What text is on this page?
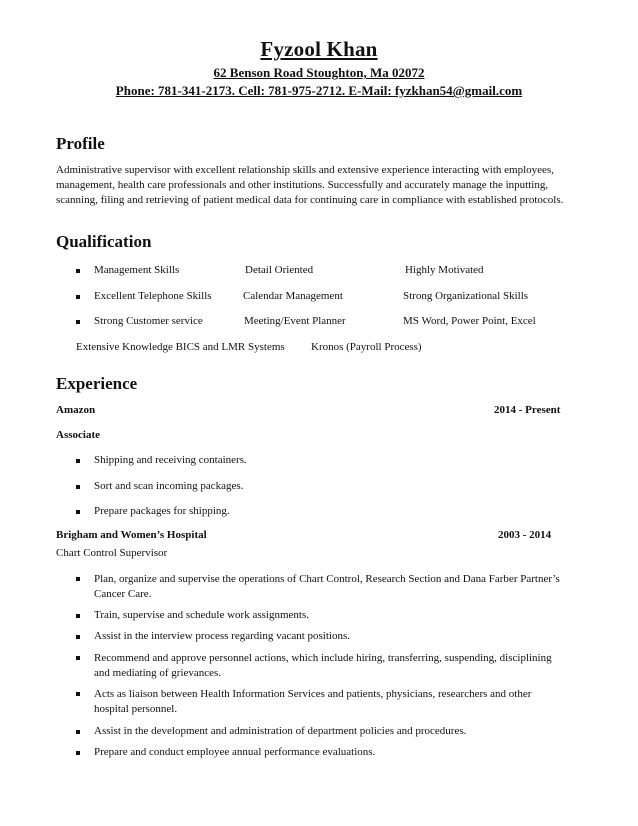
Fyzool Khan
62 Benson Road Stoughton, Ma 02072
Phone: 781-341-2173. Cell: 781-975-2712. E-Mail: fyzkhan54@gmail.com
Profile
Administrative supervisor with excellent relationship skills and extensive experience interacting with employees, management, health care professionals and other institutions. Successfully and accurately manage the inputting, scanning, filing and retrieving of patient medical data for continuing care in compliance with established protocols.
Qualification
Management Skills	Detail Oriented	Highly Motivated
Excellent Telephone Skills	Calendar Management	Strong Organizational Skills
Strong Customer service	Meeting/Event Planner	MS Word, Power Point, Excel
Extensive Knowledge BICS and LMR Systems Kronos (Payroll Process)
Experience
Amazon	2014 - Present
Associate
Shipping and receiving containers.
Sort and scan incoming packages.
Prepare packages for shipping.
Brigham and Women’s Hospital	2003 - 2014
Chart Control Supervisor
Plan, organize and supervise the operations of Chart Control, Research Section and Dana Farber Partner’s Cancer Care.
Train, supervise and schedule work assignments.
Assist in the interview process regarding vacant positions.
Recommend and approve personnel actions, which include hiring, transferring, suspending, disciplining and mediating of grievances.
Acts as liaison between Health Information Services and patients, physicians, researchers and other hospital personnel.
Assist in the development and administration of department policies and procedures.
Prepare and conduct employee annual performance evaluations.
